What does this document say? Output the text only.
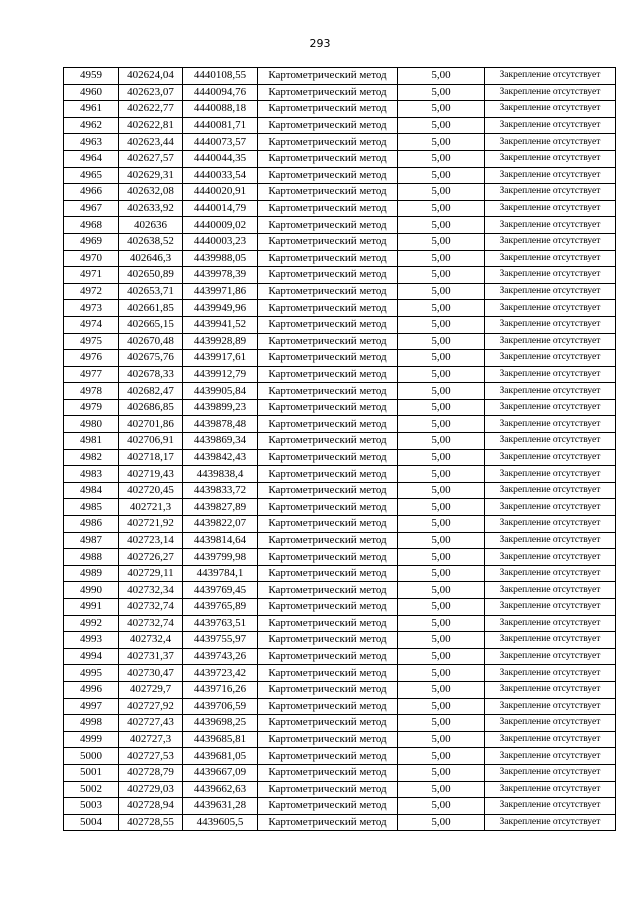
293
4959	402624,04	4440108,55	Картометрический метод	5,00	Закрепление отсутствует
4960	402623,07	4440094,76	Картометрический метод	5,00	Закрепление отсутствует
4961	402622,77	4440088,18	Картометрический метод	5,00	Закрепление отсутствует
4962	402622,81	4440081,71	Картометрический метод	5,00	Закрепление отсутствует
4963	402623,44	4440073,57	Картометрический метод	5,00	Закрепление отсутствует
4964	402627,57	4440044,35	Картометрический метод	5,00	Закрепление отсутствует
4965	402629,31	4440033,54	Картометрический метод	5,00	Закрепление отсутствует
4966	402632,08	4440020,91	Картометрический метод	5,00	Закрепление отсутствует
4967	402633,92	4440014,79	Картометрический метод	5,00	Закрепление отсутствует
4968	402636	4440009,02	Картометрический метод	5,00	Закрепление отсутствует
4969	402638,52	4440003,23	Картометрический метод	5,00	Закрепление отсутствует
4970	402646,3	4439988,05	Картометрический метод	5,00	Закрепление отсутствует
4971	402650,89	4439978,39	Картометрический метод	5,00	Закрепление отсутствует
4972	402653,71	4439971,86	Картометрический метод	5,00	Закрепление отсутствует
4973	402661,85	4439949,96	Картометрический метод	5,00	Закрепление отсутствует
4974	402665,15	4439941,52	Картометрический метод	5,00	Закрепление отсутствует
4975	402670,48	4439928,89	Картометрический метод	5,00	Закрепление отсутствует
4976	402675,76	4439917,61	Картометрический метод	5,00	Закрепление отсутствует
4977	402678,33	4439912,79	Картометрический метод	5,00	Закрепление отсутствует
4978	402682,47	4439905,84	Картометрический метод	5,00	Закрепление отсутствует
4979	402686,85	4439899,23	Картометрический метод	5,00	Закрепление отсутствует
4980	402701,86	4439878,48	Картометрический метод	5,00	Закрепление отсутствует
4981	402706,91	4439869,34	Картометрический метод	5,00	Закрепление отсутствует
4982	402718,17	4439842,43	Картометрический метод	5,00	Закрепление отсутствует
4983	402719,43	4439838,4	Картометрический метод	5,00	Закрепление отсутствует
4984	402720,45	4439833,72	Картометрический метод	5,00	Закрепление отсутствует
4985	402721,3	4439827,89	Картометрический метод	5,00	Закрепление отсутствует
4986	402721,92	4439822,07	Картометрический метод	5,00	Закрепление отсутствует
4987	402723,14	4439814,64	Картометрический метод	5,00	Закрепление отсутствует
4988	402726,27	4439799,98	Картометрический метод	5,00	Закрепление отсутствует
4989	402729,11	4439784,1	Картометрический метод	5,00	Закрепление отсутствует
4990	402732,34	4439769,45	Картометрический метод	5,00	Закрепление отсутствует
4991	402732,74	4439765,89	Картометрический метод	5,00	Закрепление отсутствует
4992	402732,74	4439763,51	Картометрический метод	5,00	Закрепление отсутствует
4993	402732,4	4439755,97	Картометрический метод	5,00	Закрепление отсутствует
4994	402731,37	4439743,26	Картометрический метод	5,00	Закрепление отсутствует
4995	402730,47	4439723,42	Картометрический метод	5,00	Закрепление отсутствует
4996	402729,7	4439716,26	Картометрический метод	5,00	Закрепление отсутствует
4997	402727,92	4439706,59	Картометрический метод	5,00	Закрепление отсутствует
4998	402727,43	4439698,25	Картометрический метод	5,00	Закрепление отсутствует
4999	402727,3	4439685,81	Картометрический метод	5,00	Закрепление отсутствует
5000	402727,53	4439681,05	Картометрический метод	5,00	Закрепление отсутствует
5001	402728,79	4439667,09	Картометрический метод	5,00	Закрепление отсутствует
5002	402729,03	4439662,63	Картометрический метод	5,00	Закрепление отсутствует
5003	402728,94	4439631,28	Картометрический метод	5,00	Закрепление отсутствует
5004	402728,55	4439605,5	Картометрический метод	5,00	Закрепление отсутствует
